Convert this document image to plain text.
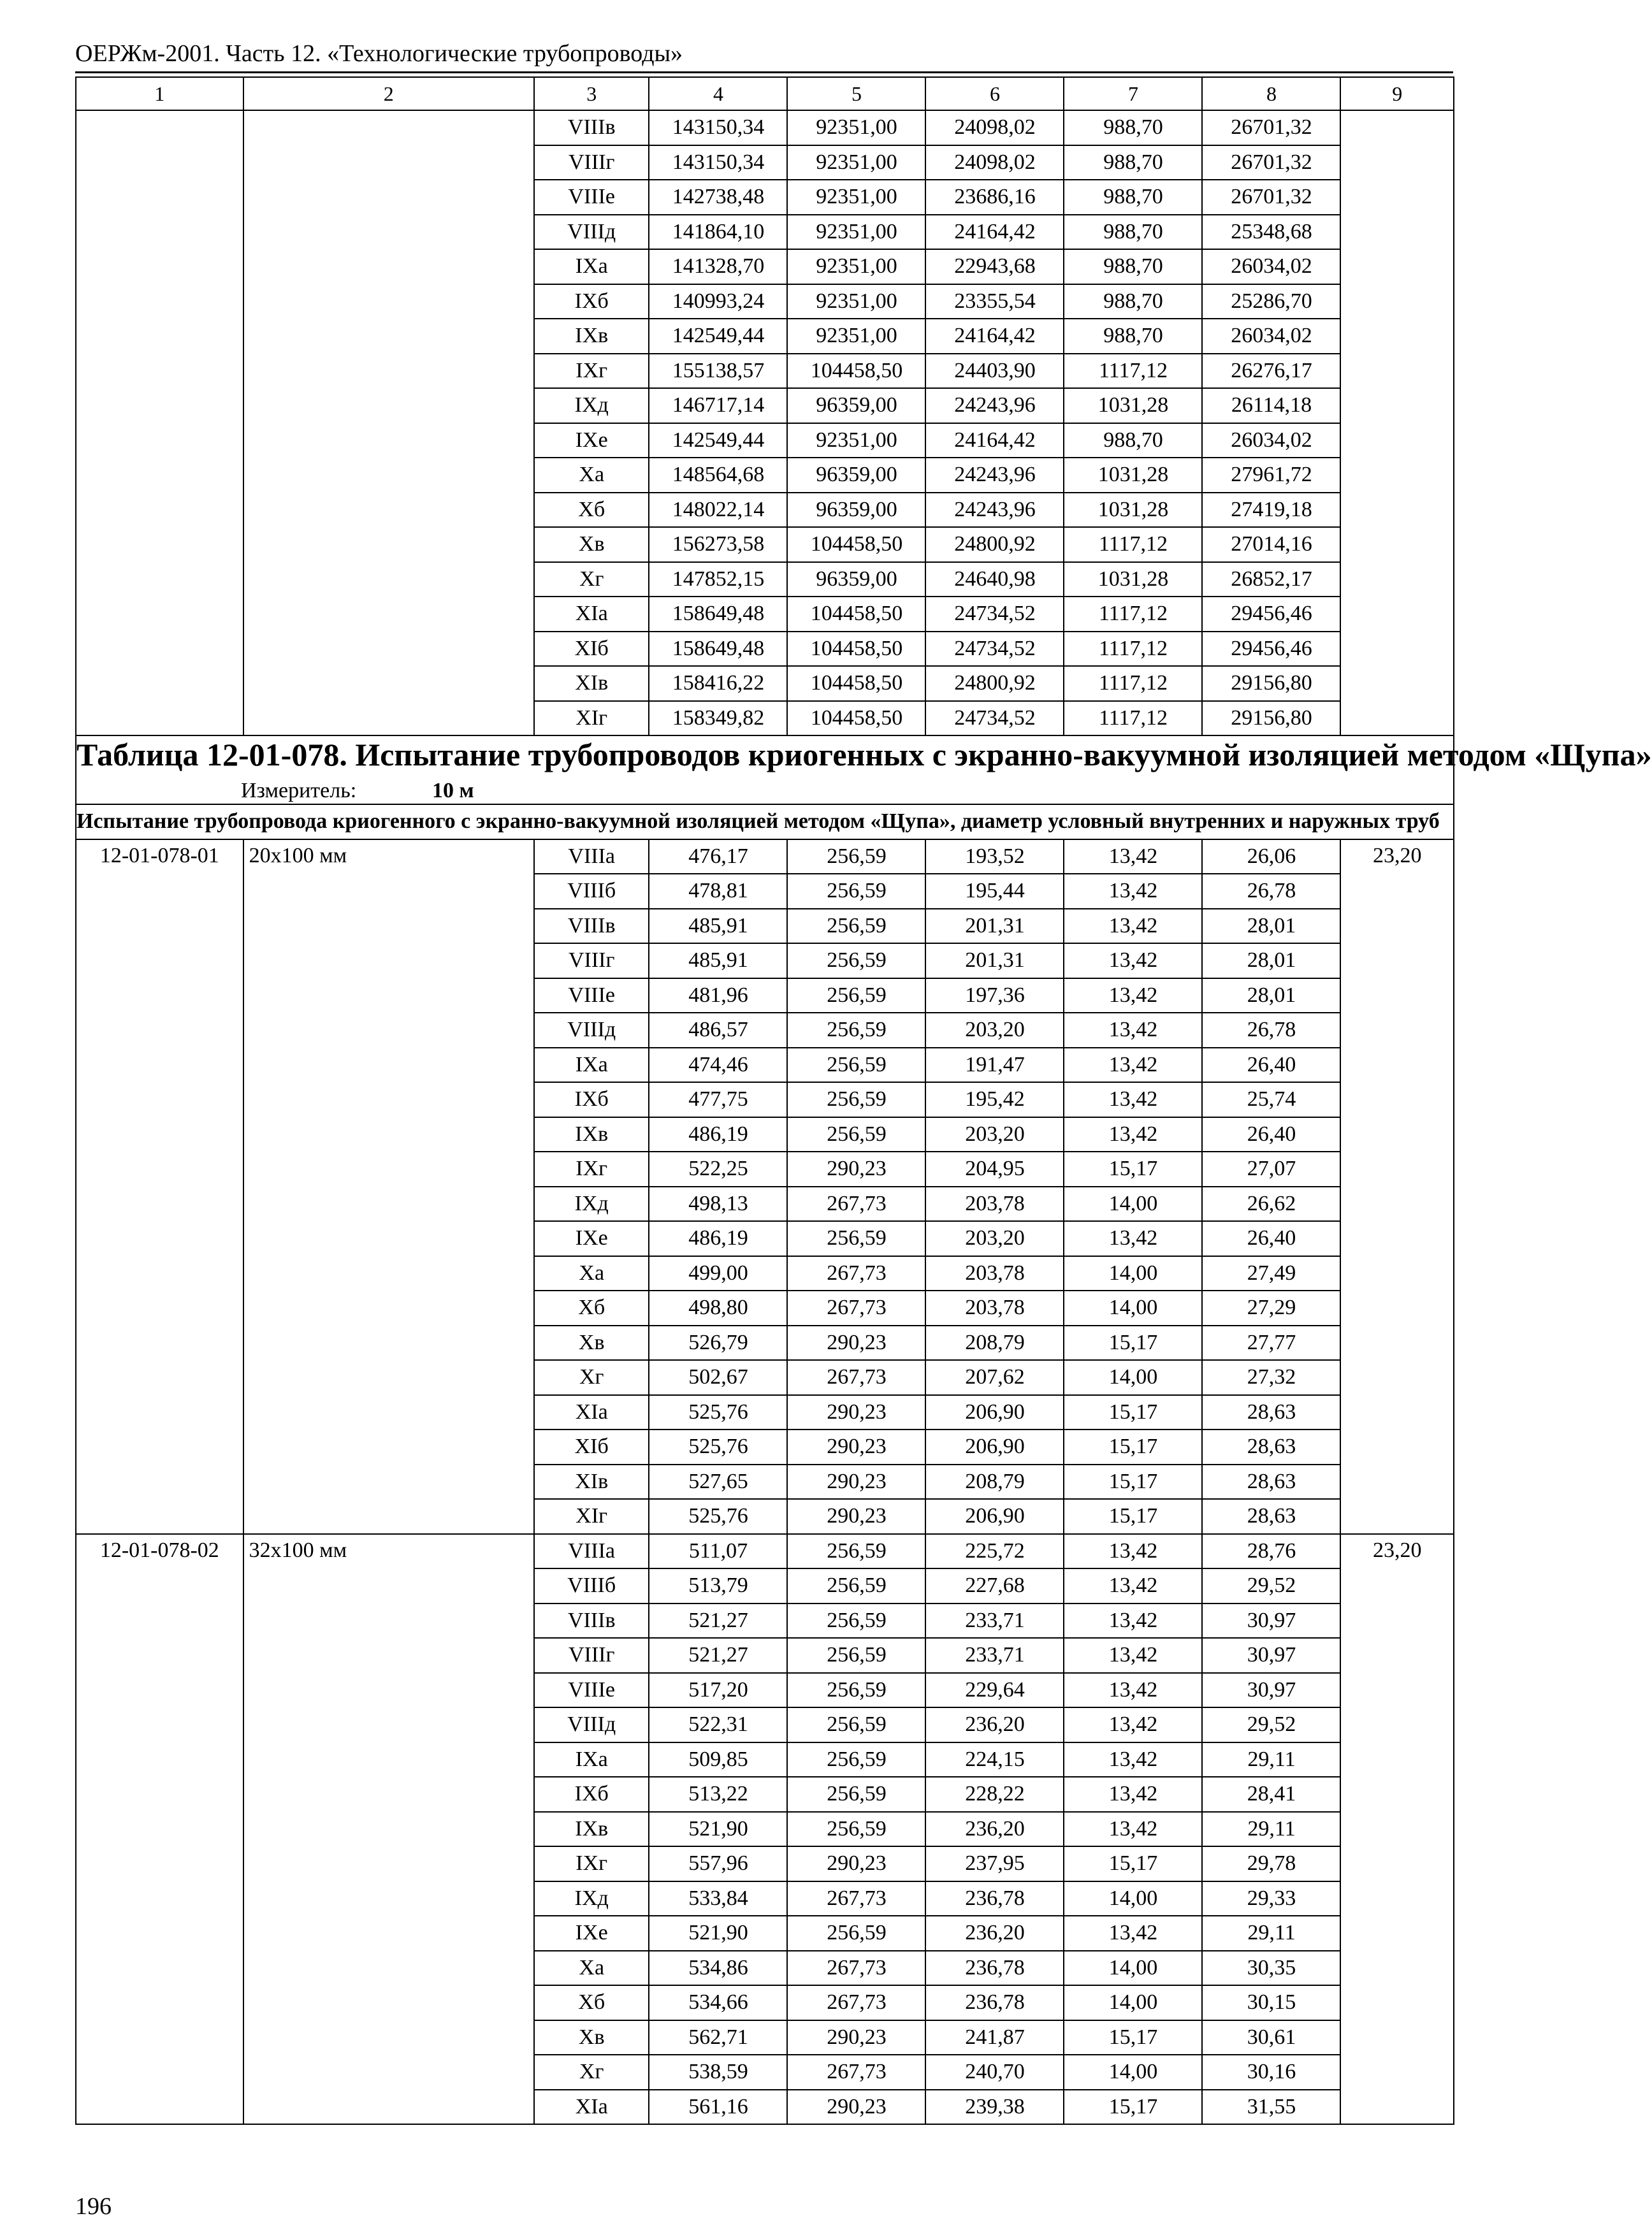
ОЕРЖм-2001. Часть 12. «Технологические трубопроводы»
1	2	3	4	5	6	7	8	9
		VIIIв	143150,34	92351,00	24098,02	988,70	26701,32	
		VIIIг	143150,34	92351,00	24098,02	988,70	26701,32	
		VIIIе	142738,48	92351,00	23686,16	988,70	26701,32	
		VIIIд	141864,10	92351,00	24164,42	988,70	25348,68	
		IXа	141328,70	92351,00	22943,68	988,70	26034,02	
		IXб	140993,24	92351,00	23355,54	988,70	25286,70	
		IXв	142549,44	92351,00	24164,42	988,70	26034,02	
		IXг	155138,57	104458,50	24403,90	1117,12	26276,17	
		IXд	146717,14	96359,00	24243,96	1031,28	26114,18	
		IXе	142549,44	92351,00	24164,42	988,70	26034,02	
		Xа	148564,68	96359,00	24243,96	1031,28	27961,72	
		Xб	148022,14	96359,00	24243,96	1031,28	27419,18	
		Xв	156273,58	104458,50	24800,92	1117,12	27014,16	
		Xг	147852,15	96359,00	24640,98	1031,28	26852,17	
		XIа	158649,48	104458,50	24734,52	1117,12	29456,46	
		XIб	158649,48	104458,50	24734,52	1117,12	29456,46	
		XIв	158416,22	104458,50	24800,92	1117,12	29156,80	
		XIг	158349,82	104458,50	24734,52	1117,12	29156,80	

Таблица 12-01-078. Испытание трубопроводов криогенных с экранно-вакуумной изоляцией методом «Щупа»
Измеритель: 10 м								

Испытание трубопровода криогенного с экранно-вакуумной изоляцией методом «Щупа», диаметр условный внутренних и наружных труб								
12-01-078-01	20х100 мм	VIIIа	476,17	256,59	193,52	13,42	26,06	23,20
		VIIIб	478,81	256,59	195,44	13,42	26,78	
		VIIIв	485,91	256,59	201,31	13,42	28,01	
		VIIIг	485,91	256,59	201,31	13,42	28,01	
		VIIIе	481,96	256,59	197,36	13,42	28,01	
		VIIIд	486,57	256,59	203,20	13,42	26,78	
		IXа	474,46	256,59	191,47	13,42	26,40	
		IXб	477,75	256,59	195,42	13,42	25,74	
		IXв	486,19	256,59	203,20	13,42	26,40	
		IXг	522,25	290,23	204,95	15,17	27,07	
		IXд	498,13	267,73	203,78	14,00	26,62	
		IXе	486,19	256,59	203,20	13,42	26,40	
		Xа	499,00	267,73	203,78	14,00	27,49	
		Xб	498,80	267,73	203,78	14,00	27,29	
		Xв	526,79	290,23	208,79	15,17	27,77	
		Xг	502,67	267,73	207,62	14,00	27,32	
		XIа	525,76	290,23	206,90	15,17	28,63	
		XIб	525,76	290,23	206,90	15,17	28,63	
		XIв	527,65	290,23	208,79	15,17	28,63	
		XIг	525,76	290,23	206,90	15,17	28,63	
12-01-078-02	32х100 мм	VIIIа	511,07	256,59	225,72	13,42	28,76	23,20
		VIIIб	513,79	256,59	227,68	13,42	29,52	
		VIIIв	521,27	256,59	233,71	13,42	30,97	
		VIIIг	521,27	256,59	233,71	13,42	30,97	
		VIIIе	517,20	256,59	229,64	13,42	30,97	
		VIIIд	522,31	256,59	236,20	13,42	29,52	
		IXа	509,85	256,59	224,15	13,42	29,11	
		IXб	513,22	256,59	228,22	13,42	28,41	
		IXв	521,90	256,59	236,20	13,42	29,11	
		IXг	557,96	290,23	237,95	15,17	29,78	
		IXд	533,84	267,73	236,78	14,00	29,33	
		IXе	521,90	256,59	236,20	13,42	29,11	
		Xа	534,86	267,73	236,78	14,00	30,35	
		Xб	534,66	267,73	236,78	14,00	30,15	
		Xв	562,71	290,23	241,87	15,17	30,61	
		Xг	538,59	267,73	240,70	14,00	30,16	
		XIа	561,16	290,23	239,38	15,17	31,55	
196
